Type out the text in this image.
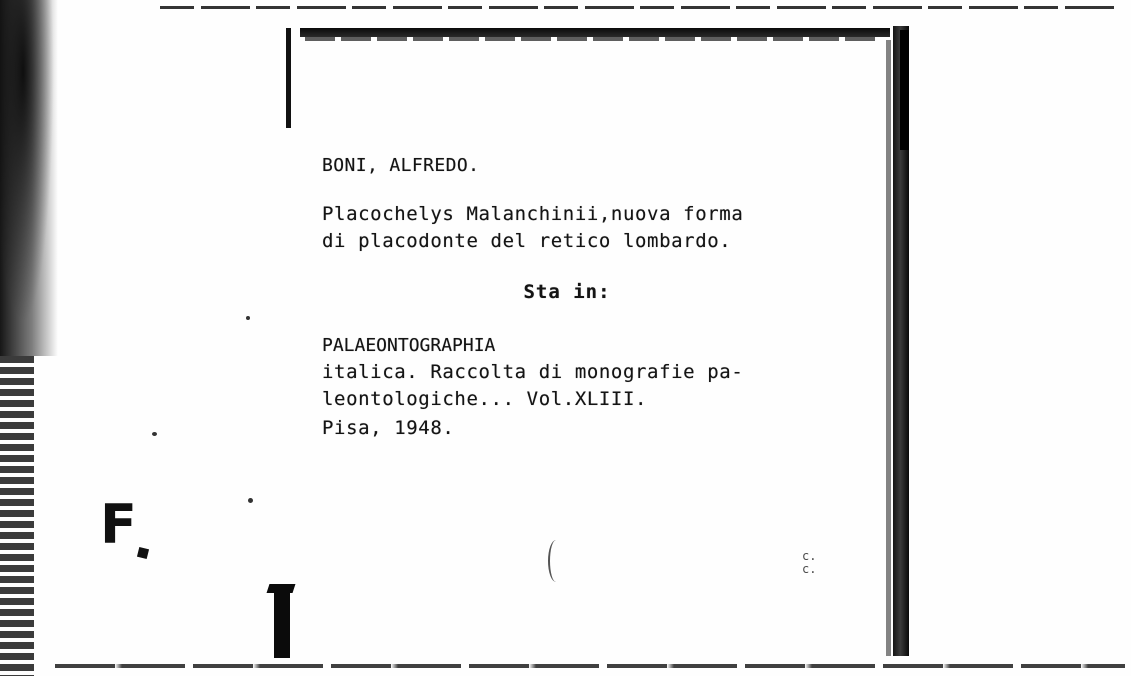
F	c.
c.
BONI, ALFREDO.
Placochelys Malanchinii,nuova forma
di placodonte del retico lombardo.
Sta in:
PALAEONTOGRAPHIA
italica. Raccolta di monografie pa-
leontologiche... Vol.XLIII.
Pisa, 1948.
